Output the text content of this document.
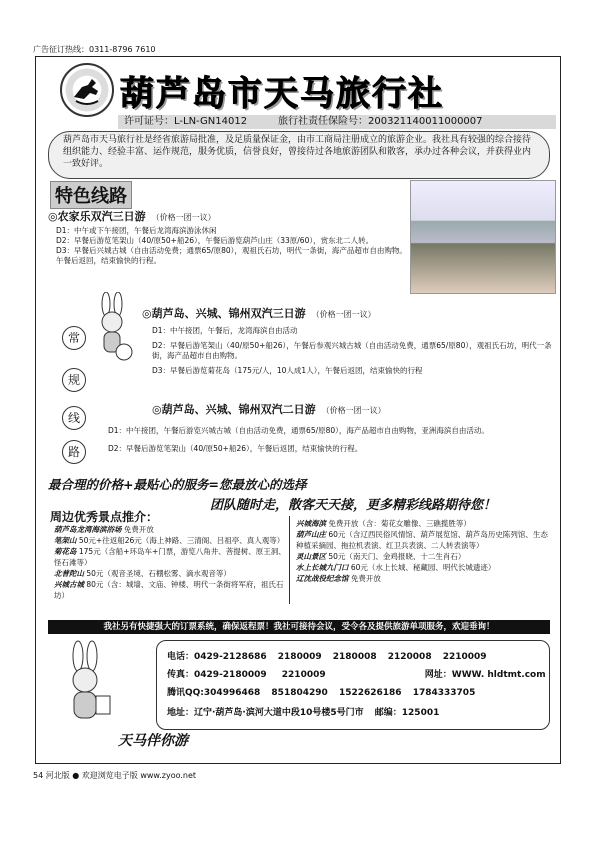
广告征订热线：0311-8796 7610
葫芦岛市天马旅行社
许可证号：L-LN-GN14012	旅行社责任保险号：200321140011000007
葫芦岛市天马旅行社是经省旅游局批准，及足质量保证金，由市工商局注册成立的旅游企业。我社具有较强的综合接待组织能力、经验丰富、运作规范，服务优质，信誉良好，曾接待过各地旅游团队和散客，承办过各种会议，并获得业内一致好评。
特色线路
◎农家乐双汽三日游 （价格一团一议）
D1：中午或下午接团，午餐后龙湾海滨游泳休闲
D2：早餐后游览笔架山（40/原50+船26），午餐后游览葫芦山庄（33原/60），赏东北二人转。
D3：早餐后兴城古城（自由活动免费；通票65/原80），观祖氏石坊，明代一条街，海产品超市自由购物。午餐后返回，结束愉快的行程。
常
规
线
路
◎葫芦岛、兴城、锦州双汽三日游 （价格一团一议）
D1：中午接团，午餐后，龙湾海滨自由活动
D2：早餐后游笔架山（40/原50+船26），午餐后参观兴城古城（自由活动免费，通票65/原80），观祖氏石坊，明代一条街，海产品超市自由购物。
D3：早餐后游览菊花岛（175元/人，10人成1人），午餐后返团，结束愉快的行程
◎葫芦岛、兴城、锦州双汽二日游 （价格一团一议）
D1：中午接团，午餐后游览兴城古城（自由活动免费，通票65/原80），海产品超市自由购物，亚洲海滨自由活动。
D2：早餐后游览笔架山（40/原50+船26），午餐后返团，结束愉快的行程。
最合理的价格+最贴心的服务=您最放心的选择
团队随时走，散客天天接，更多精彩线路期待您！
周边优秀景点推介：
葫芦岛龙湾海滨浴场 免费开放
笔架山 50元+往返船26元（海上神路、三清阁、吕祖亭、真人观等）
菊花岛 175元（含船+环岛车+门票，游览八角井、菩提树、原王洞、怪石滩等）
北普陀山 50元（观音圣境、石棚松雾、滴水观音等）
兴城古城 80元（含：城墙、文庙、钟楼、明代一条街将军府，祖氏石坊）
兴城海滨 免费开放（含：菊花女雕像、三礁揽胜等）
葫芦山庄 60元（含辽西民俗风情馆、葫芦展览馆、葫芦岛历史陈列馆、生态种植采摘园、拖拉机表演、红卫兵表演、二人转表演等）
灵山景区 50元（南天门、金鸡报晓、十二生肖石）
水上长城九门口 60元（水上长城、秘藏园、明代长城遗迹）
辽沈战役纪念馆 免费开放
我社另有快捷强大的订票系统，确保返程票！我社可接待会议，受令各及提供旅游单项服务，欢迎垂询！
电话：0429-2128686 2180009 2180008 2120008 2210009
传真：0429-2180009 2210009	网址：WWW. hldtmt.com
腾讯QQ:304996468 851804290 1522626186 1784333705
地址：辽宁·葫芦岛·滨河大道中段10号楼5号门市 邮编：125001
天马伴你游
54 河北版 ● 欢迎浏览电子版 www.zyoo.net
